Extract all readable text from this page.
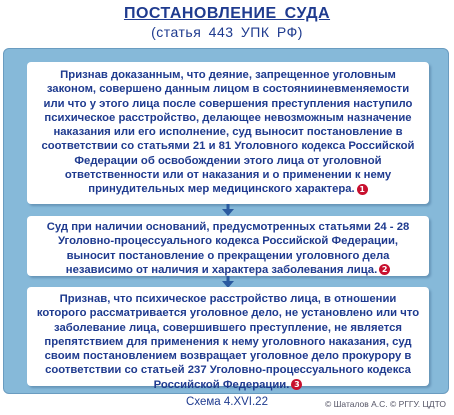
ПОСТАНОВЛЕНИЕ СУДА
(статья 443 УПК РФ)
Признав доказанным, что деяние, запрещенное уголовным законом, совершено данным лицом в состоянииневменяемости или что у этого лица после совершения преступления наступило психическое расстройство, делающее невозможным назначение наказания или его исполнение, суд выносит постановление в соответствии со статьями 21 и 81 Уголовного кодекса Российской Федерации об освобождении этого лица от уголовной ответственности или от наказания и о применении к нему принудительных мер медицинского характера. 1
Суд при наличии оснований, предусмотренных статьями 24 - 28 Уголовно-процессуального кодекса Российской Федерации, выносит постановление о прекращении уголовного дела независимо от наличия и характера заболевания лица. 2
Признав, что психическое расстройство лица, в отношении которого рассматривается уголовное дело, не установлено или что заболевание лица, совершившего преступление, не является препятствием для применения к нему уголовного наказания, суд своим постановлением возвращает уголовное дело прокурору в соответствии со статьей 237 Уголовно-процессуального кодекса Российской Федерации. 3
Схема 4.XVI.22	© Шаталов А.С. © РГГУ. ЦДТО
